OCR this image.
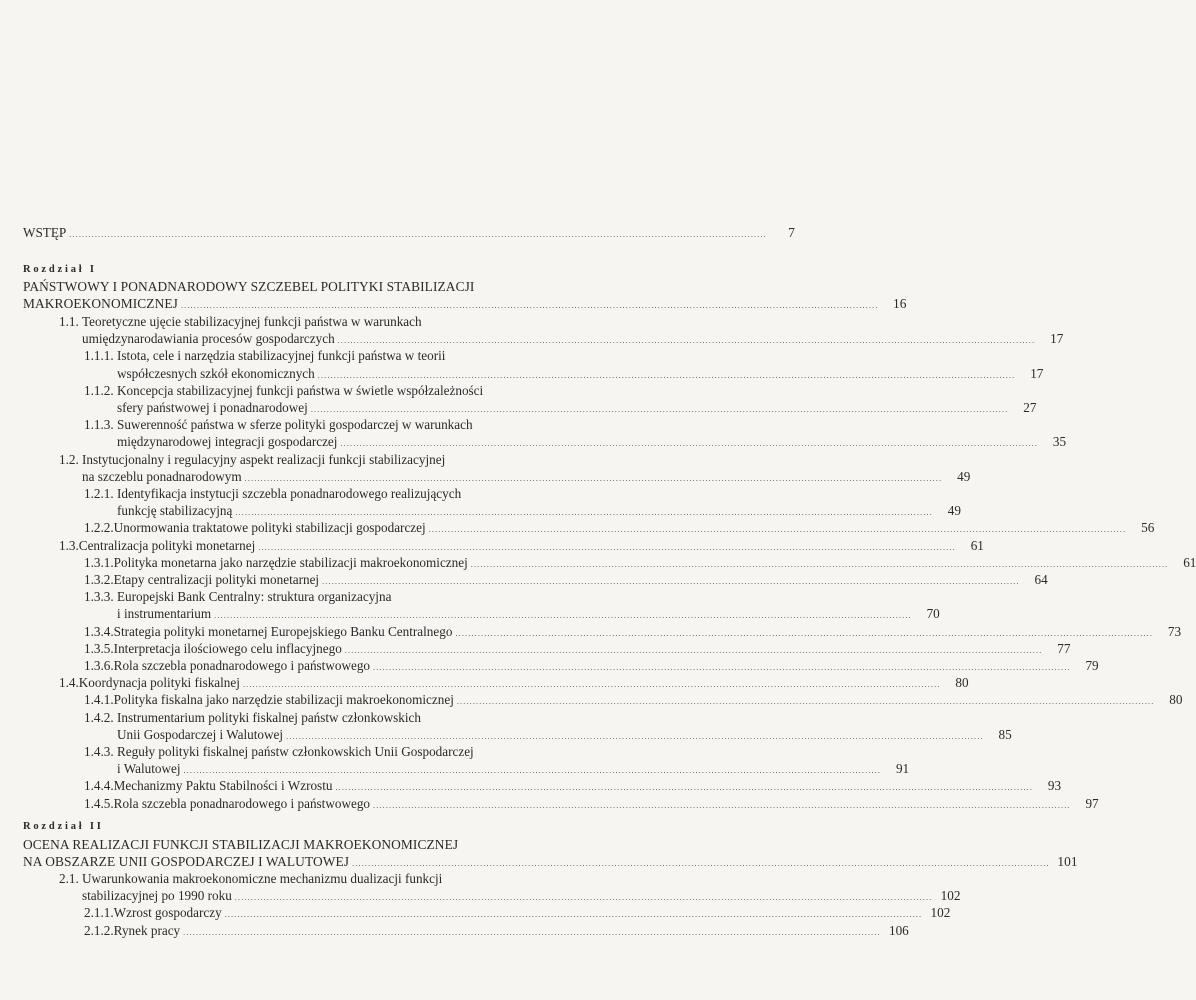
WSTĘP .....	7
Rozdział I
PAŃSTWOWY I PONADNARODOWY SZCZEBEL POLITYKI STABILIZACJI
MAKROEKONOMICZNEJ .....	16
1.1. Teoretyczne ujęcie stabilizacyjnej funkcji państwa w warunkach
umiędzynarodawiania procesów gospodarczych .....	17
1.1.1. Istota, cele i narzędzia stabilizacyjnej funkcji państwa w teorii
współczesnych szkół ekonomicznych .....	17
1.1.2. Koncepcja stabilizacyjnej funkcji państwa w świetle współzależności
sfery państwowej i ponadnarodowej .....	27
1.1.3. Suwerenność państwa w sferze polityki gospodarczej w warunkach
międzynarodowej integracji gospodarczej .....	35
1.2. Instytucjonalny i regulacyjny aspekt realizacji funkcji stabilizacyjnej
na szczeblu ponadnarodowym .....	49
1.2.1. Identyfikacja instytucji szczebla ponadnarodowego realizujących
funkcję stabilizacyjną .....	49
1.2.2. Unormowania traktatowe polityki stabilizacji gospodarczej .....	56
1.3. Centralizacja polityki monetarnej .....	61
1.3.1. Polityka monetarna jako narzędzie stabilizacji makroekonomicznej .....	61
1.3.2. Etapy centralizacji polityki monetarnej .....	64
1.3.3. Europejski Bank Centralny: struktura organizacyjna
i instrumentarium .....	70
1.3.4. Strategia polityki monetarnej Europejskiego Banku Centralnego .....	73
1.3.5. Interpretacja ilościowego celu inflacyjnego .....	77
1.3.6. Rola szczebla ponadnarodowego i państwowego .....	79
1.4. Koordynacja polityki fiskalnej .....	80
1.4.1. Polityka fiskalna jako narzędzie stabilizacji makroekonomicznej .....	80
1.4.2. Instrumentarium polityki fiskalnej państw członkowskich
Unii Gospodarczej i Walutowej .....	85
1.4.3. Reguły polityki fiskalnej państw członkowskich Unii Gospodarczej
i Walutowej .....	91
1.4.4. Mechanizmy Paktu Stabilności i Wzrostu .....	93
1.4.5. Rola szczebla ponadnarodowego i państwowego .....	97
Rozdział II
OCENA REALIZACJI FUNKCJI STABILIZACJI MAKROEKONOMICZNEJ
NA OBSZARZE UNII GOSPODARCZEJ I WALUTOWEJ .....	101
2.1. Uwarunkowania makroekonomiczne mechanizmu dualizacji funkcji
stabilizacyjnej po 1990 roku .....	102
2.1.1. Wzrost gospodarczy .....	102
2.1.2. Rynek pracy .....	106
